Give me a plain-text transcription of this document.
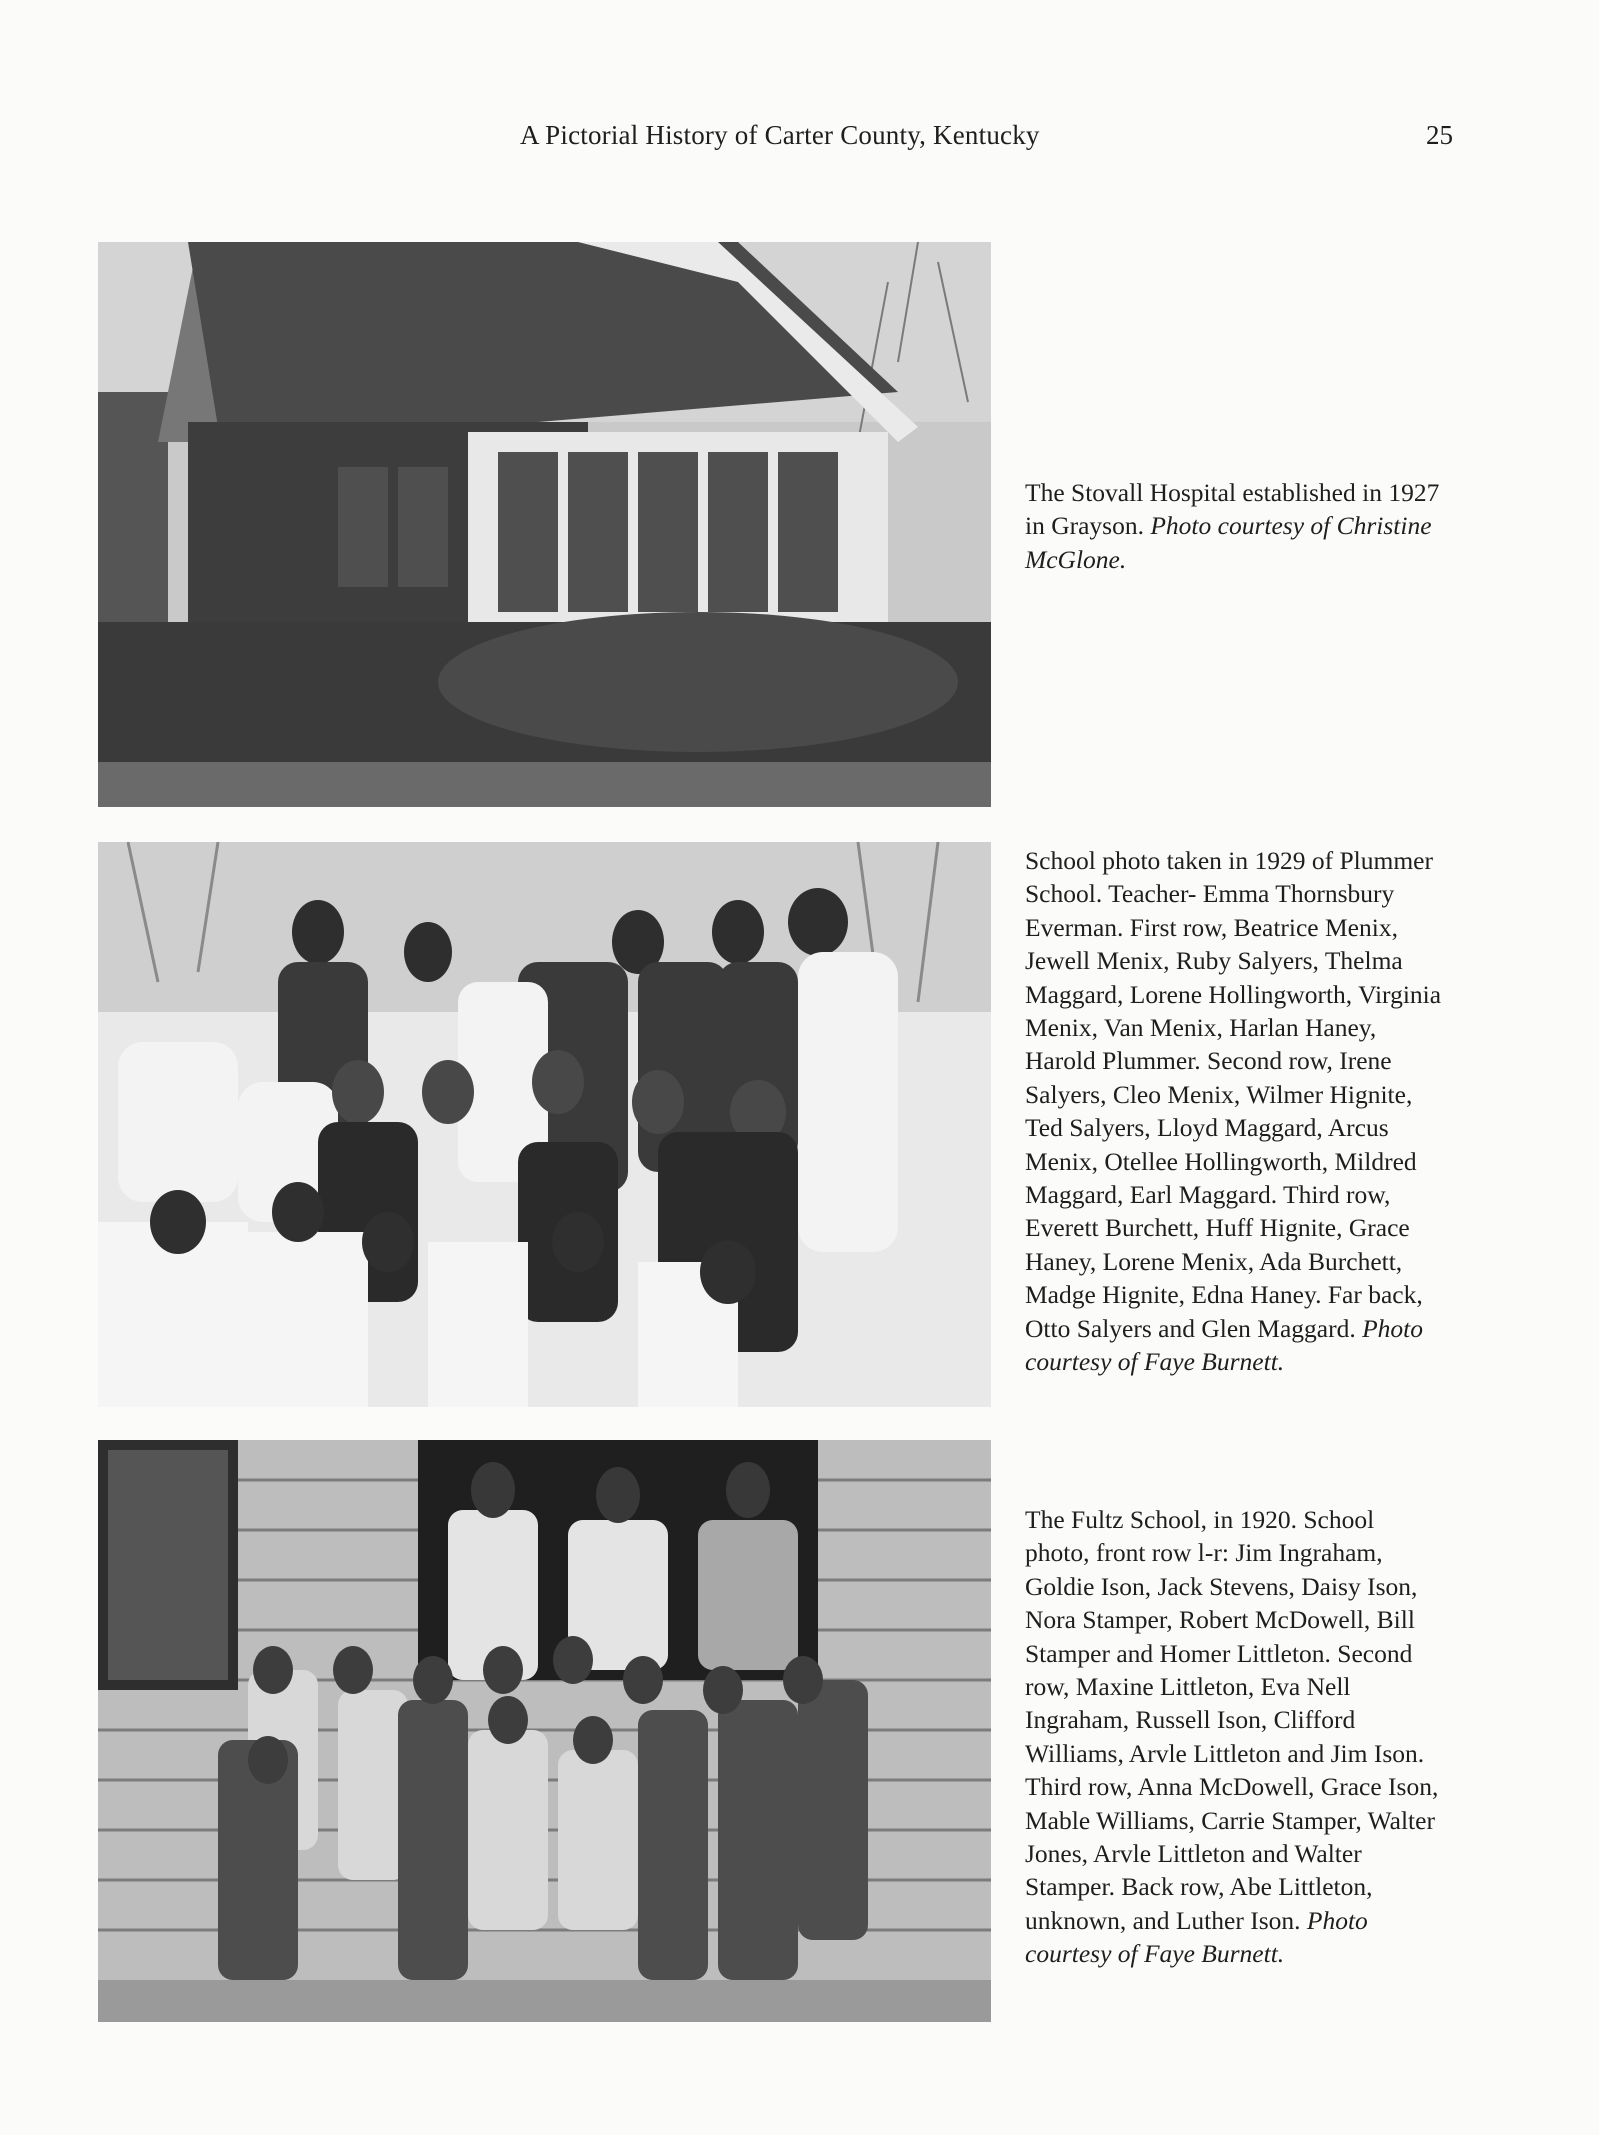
A Pictorial History of Carter County, Kentucky	25

The Stovall Hospital established in 1927 in Grayson. Photo courtesy of Christine McGlone.

School photo taken in 1929 of Plummer School. Teacher- Emma Thornsbury Everman. First row, Beatrice Menix, Jewell Menix, Ruby Salyers, Thelma Maggard, Lorene Hollingworth, Virginia Menix, Van Menix, Harlan Haney, Harold Plummer. Second row, Irene Salyers, Cleo Menix, Wilmer Hignite, Ted Salyers, Lloyd Maggard, Arcus Menix, Otellee Hollingworth, Mildred Maggard, Earl Maggard. Third row, Everett Burchett, Huff Hignite, Grace Haney, Lorene Menix, Ada Burchett, Madge Hignite, Edna Haney. Far back, Otto Salyers and Glen Maggard. Photo courtesy of Faye Burnett.

The Fultz School, in 1920. School photo, front row l-r: Jim Ingraham, Goldie Ison, Jack Stevens, Daisy Ison, Nora Stamper, Robert McDowell, Bill Stamper and Homer Littleton. Second row, Maxine Littleton, Eva Nell Ingraham, Russell Ison, Clifford Williams, Arvle Littleton and Jim Ison. Third row, Anna McDowell, Grace Ison, Mable Williams, Carrie Stamper, Walter Jones, Arvle Littleton and Walter Stamper. Back row, Abe Littleton, unknown, and Luther Ison. Photo courtesy of Faye Burnett.
